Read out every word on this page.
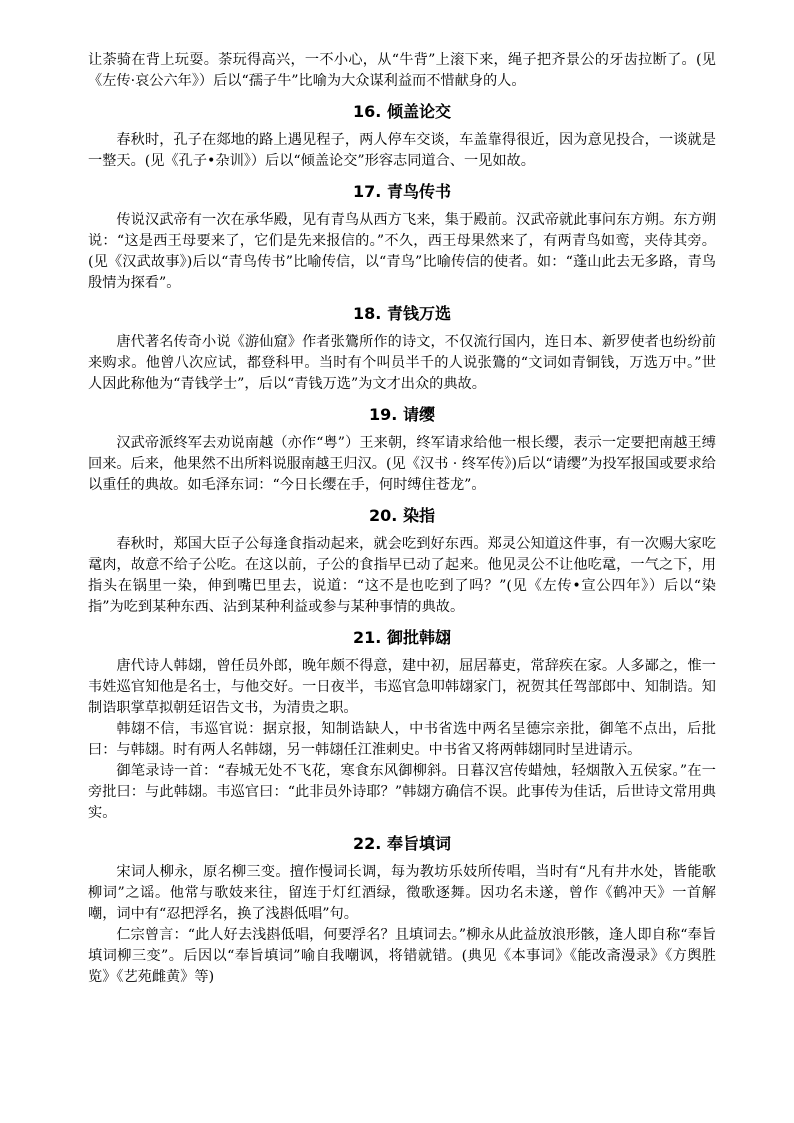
让荼骑在背上玩耍。荼玩得高兴，一不小心，从“牛背”上滚下来，绳子把齐景公的牙齿拉断了。(见《左传·哀公六年》）后以“孺子牛”比喻为大众谋利益而不惜献身的人。

16. 倾盖论交

春秋时，孔子在郯地的路上遇见程子，两人停车交谈，车盖靠得很近，因为意见投合，一谈就是一整天。(见《孔子•杂训》）后以“倾盖论交”形容志同道合、一见如故。

17. 青鸟传书

传说汉武帝有一次在承华殿，见有青鸟从西方飞来，集于殿前。汉武帝就此事问东方朔。东方朔说：“这是西王母要来了，它们是先来报信的。”不久，西王母果然来了，有两青鸟如鸾，夹侍其旁。(见《汉武故事》)后以“青鸟传书”比喻传信，以“青鸟”比喻传信的使者。如：“蓬山此去无多路，青鸟殷情为探看”。

18. 青钱万选

唐代著名传奇小说《游仙窟》作者张鷟所作的诗文，不仅流行国内，连日本、新罗使者也纷纷前来购求。他曾八次应试，都登科甲。当时有个叫员半千的人说张鷟的“文词如青铜钱，万选万中。”世人因此称他为“青钱学士”，后以“青钱万选”为文才出众的典故。

19. 请缨

汉武帝派终军去劝说南越（亦作“粤”）王来朝，终军请求给他一根长缨，表示一定要把南越王缚回来。后来，他果然不出所料说服南越王归汉。(见《汉书 · 终军传》)后以“请缨”为投军报国或要求给以重任的典故。如毛泽东词：“今日长缨在手，何时缚住苍龙”。

20. 染指

春秋时，郑国大臣子公每逢食指动起来，就会吃到好东西。郑灵公知道这件事，有一次赐大家吃鼋肉，故意不给子公吃。在这以前，子公的食指早已动了起来。他见灵公不让他吃鼋，一气之下，用指头在锅里一染，伸到嘴巴里去，说道：“这不是也吃到了吗？”(见《左传•宣公四年》）后以“染指”为吃到某种东西、沾到某种利益或参与某种事情的典故。

21. 御批韩翃

唐代诗人韩翃，曾任员外郎，晚年颇不得意，建中初，屈居幕吏，常辞疾在家。人多鄙之，惟一韦姓巡官知他是名士，与他交好。一日夜半，韦巡官急叩韩翃家门，祝贺其任驾部郎中、知制诰。知制诰职掌草拟朝廷诏告文书，为清贵之职。

韩翃不信，韦巡官说：据京报，知制诰缺人，中书省选中两名呈德宗亲批，御笔不点出，后批曰：与韩翃。时有两人名韩翃，另一韩翃任江淮刺史。中书省又将两韩翃同时呈进请示。

御笔录诗一首：“春城无处不飞花，寒食东风御柳斜。日暮汉宫传蜡烛，轻烟散入五侯家。”在一旁批曰：与此韩翃。韦巡官曰：“此非员外诗耶？”韩翃方确信不误。此事传为佳话，后世诗文常用典实。

22. 奉旨填词

宋词人柳永，原名柳三变。擅作慢词长调，每为教坊乐妓所传唱，当时有“凡有井水处，皆能歌柳词”之谣。他常与歌妓来往，留连于灯红酒绿，徵歌逐舞。因功名未遂，曾作《鹤冲天》一首解嘲，词中有“忍把浮名，换了浅斟低唱”句。

仁宗曾言：“此人好去浅斟低唱，何要浮名？且填词去。”柳永从此益放浪形骸，逢人即自称“奉旨填词柳三变”。后因以“奉旨填词”喻自我嘲讽，将错就错。(典见《本事词》《能改斋漫录》《方舆胜览》《艺苑雌黄》等)
